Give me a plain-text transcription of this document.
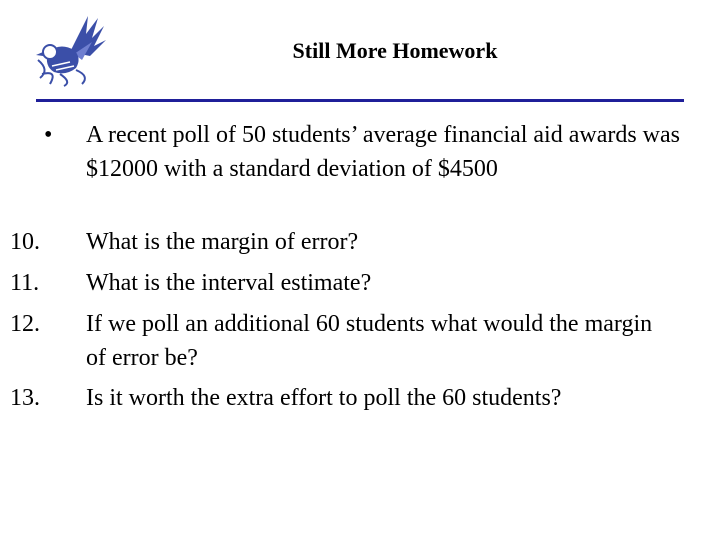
Still More Homework
• A recent poll of 50 students’ average financial aid awards was $12000 with a standard deviation of $4500
10. What is the margin of error?
11. What is the interval estimate?
12. If we poll an additional 60 students what would the margin of error be?
13. Is it worth the extra effort to poll the 60 students?
